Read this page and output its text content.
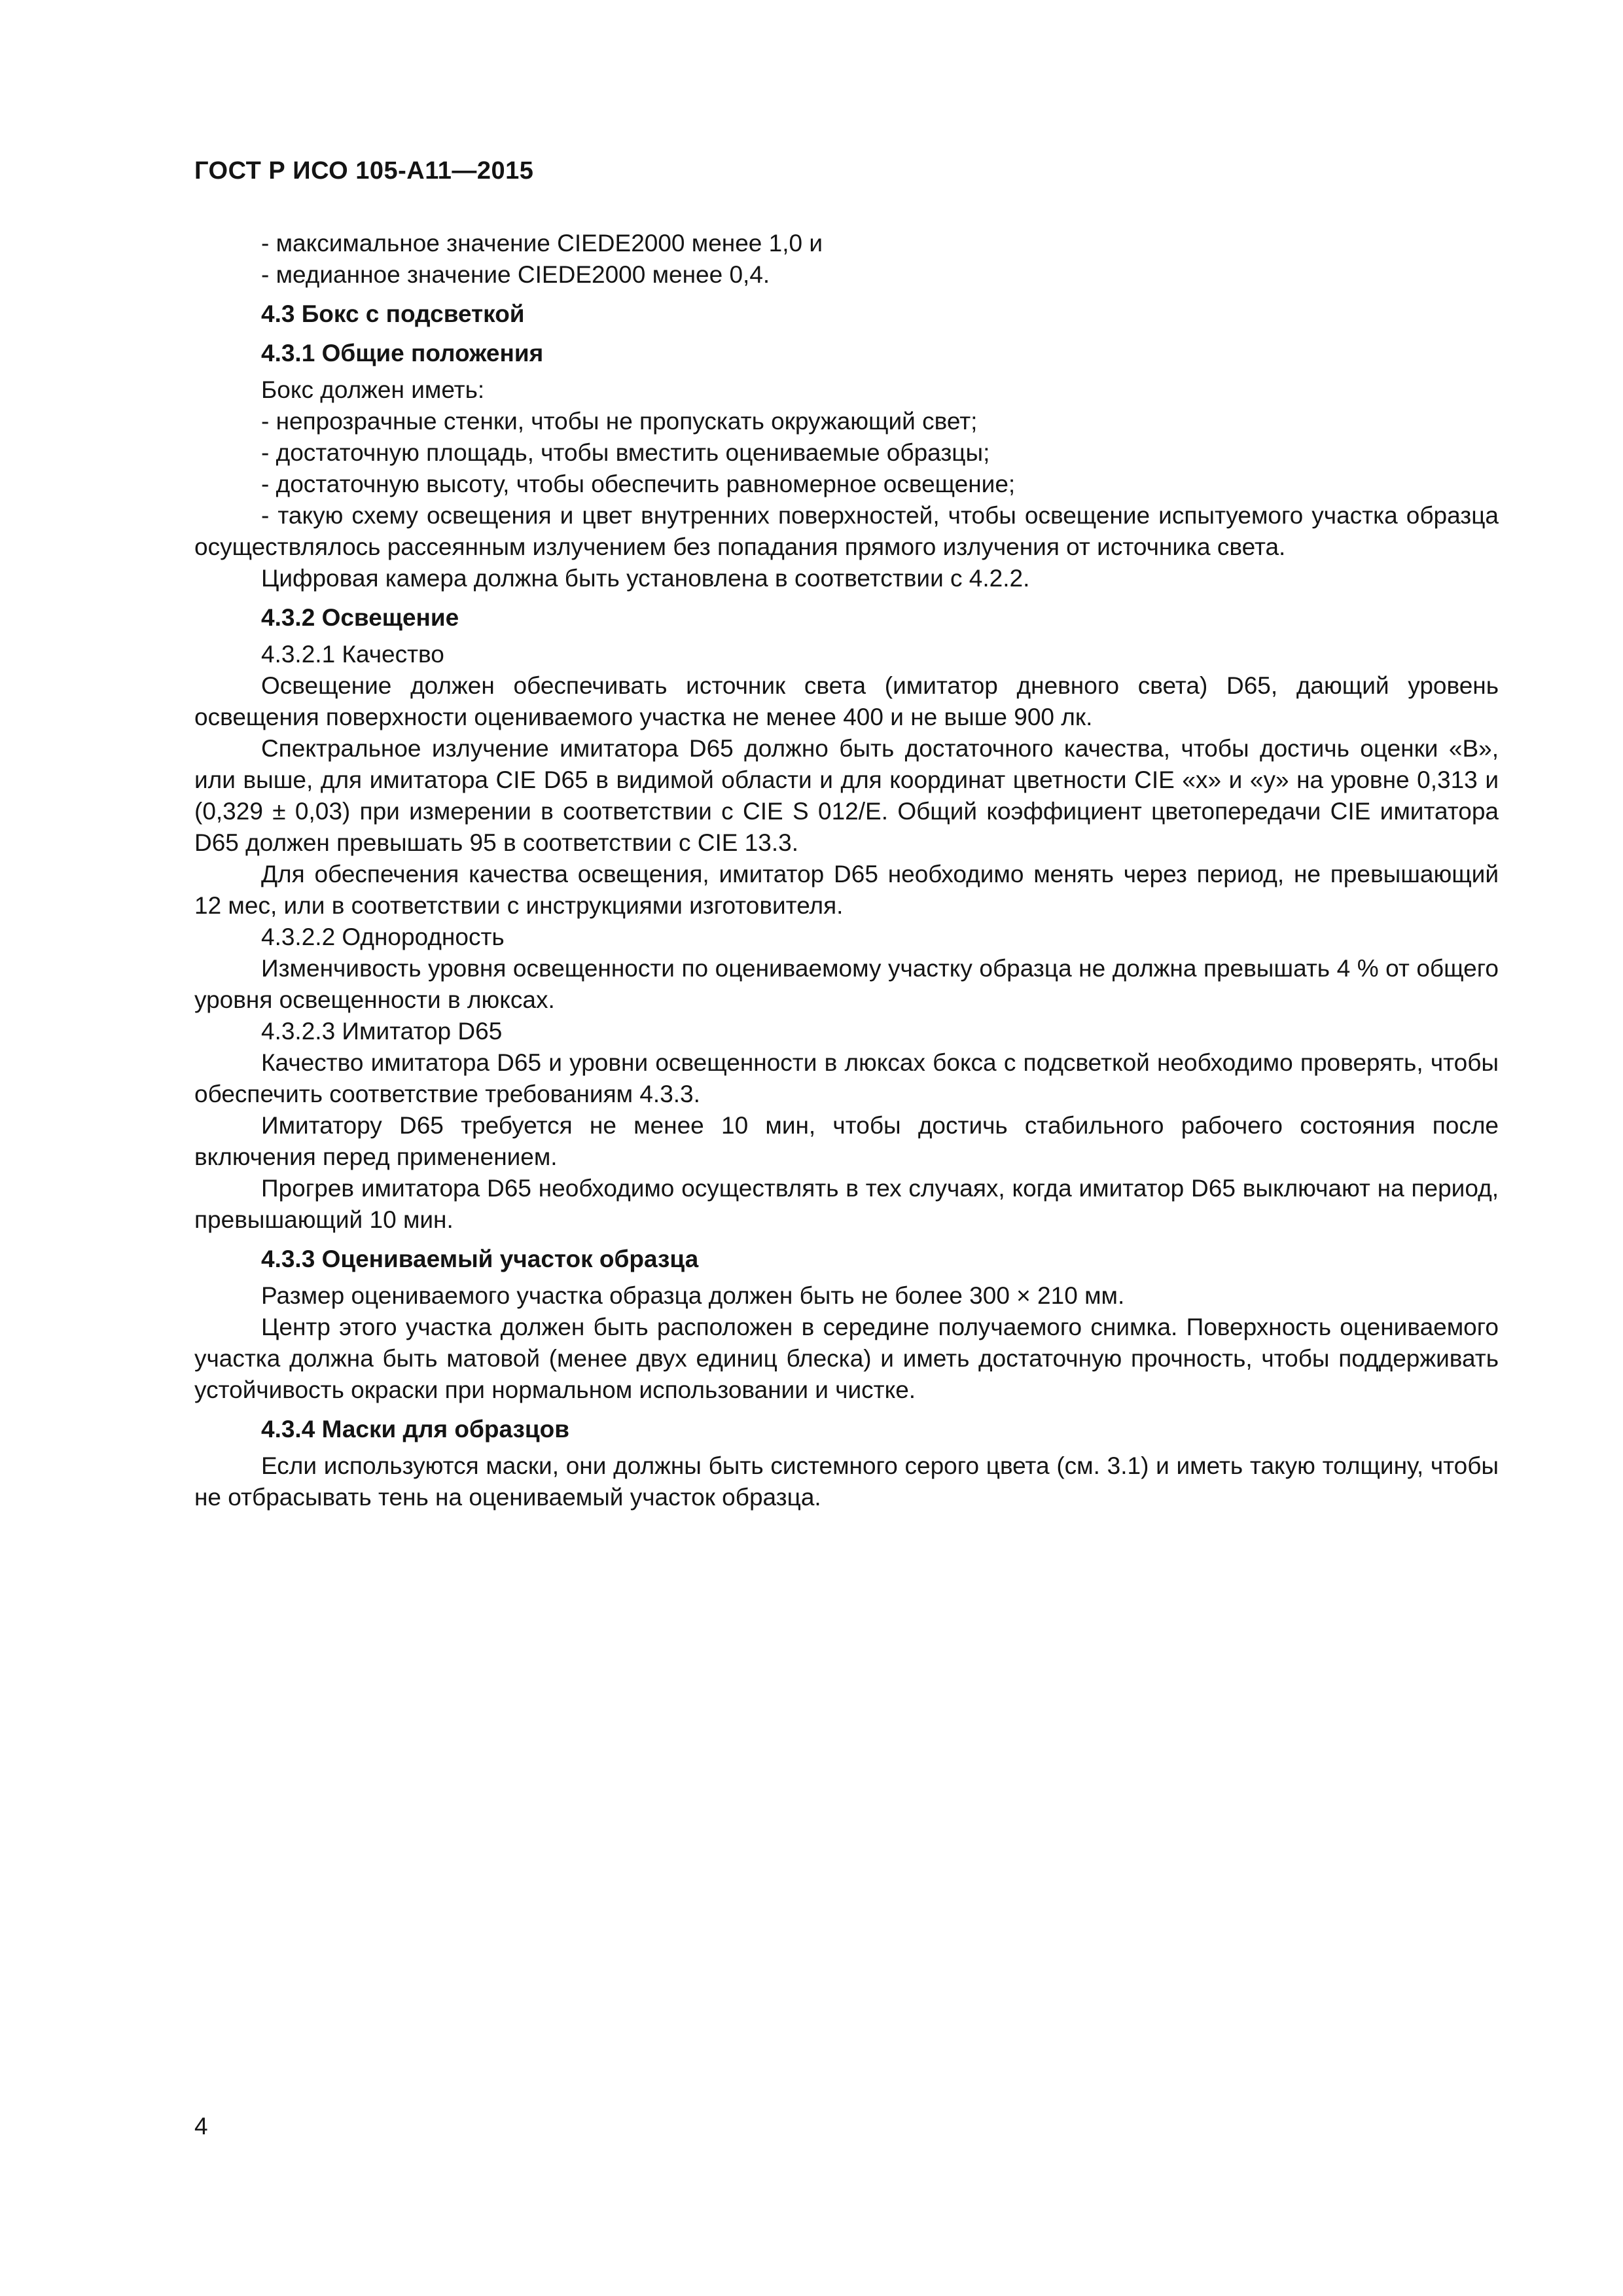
ГОСТ Р ИСО 105-А11—2015

- максимальное значение CIEDE2000 менее 1,0 и

- медианное значение CIEDE2000 менее 0,4.

4.3 Бокс с подсветкой

4.3.1 Общие положения

Бокс должен иметь:

- непрозрачные стенки, чтобы не пропускать окружающий свет;

- достаточную площадь, чтобы вместить оцениваемые образцы;

- достаточную высоту, чтобы обеспечить равномерное освещение;

- такую схему освещения и цвет внутренних поверхностей, чтобы освещение испытуемого участка образца осуществлялось рассеянным излучением без попадания прямого излучения от источника света.

Цифровая камера должна быть установлена в соответствии с 4.2.2.

4.3.2 Освещение

4.3.2.1 Качество

Освещение должен обеспечивать источник света (имитатор дневного света) D65, дающий уровень освещения поверхности оцениваемого участка не менее 400 и не выше 900 лк.

Спектральное излучение имитатора D65 должно быть достаточного качества, чтобы достичь оценки «В», или выше, для имитатора CIE D65 в видимой области и для координат цветности CIE «x» и «y» на уровне 0,313 и (0,329 ± 0,03) при измерении в соответствии с CIE S 012/E. Общий коэффициент цветопередачи CIE имитатора D65 должен превышать 95 в соответствии с CIE 13.3.

Для обеспечения качества освещения, имитатор D65 необходимо менять через период, не превышающий 12 мес, или в соответствии с инструкциями изготовителя.

4.3.2.2 Однородность

Изменчивость уровня освещенности по оцениваемому участку образца не должна превышать 4 % от общего уровня освещенности в люксах.

4.3.2.3 Имитатор D65

Качество имитатора D65 и уровни освещенности в люксах бокса с подсветкой необходимо проверять, чтобы обеспечить соответствие требованиям 4.3.3.

Имитатору D65 требуется не менее 10 мин, чтобы достичь стабильного рабочего состояния после включения перед применением.

Прогрев имитатора D65 необходимо осуществлять в тех случаях, когда имитатор D65 выключают на период, превышающий 10 мин.

4.3.3 Оцениваемый участок образца

Размер оцениваемого участка образца должен быть не более 300 × 210 мм.

Центр этого участка должен быть расположен в середине получаемого снимка. Поверхность оцениваемого участка должна быть матовой (менее двух единиц блеска) и иметь достаточную прочность, чтобы поддерживать устойчивость окраски при нормальном использовании и чистке.

4.3.4 Маски для образцов

Если используются маски, они должны быть системного серого цвета (см. 3.1) и иметь такую толщину, чтобы не отбрасывать тень на оцениваемый участок образца.

4
